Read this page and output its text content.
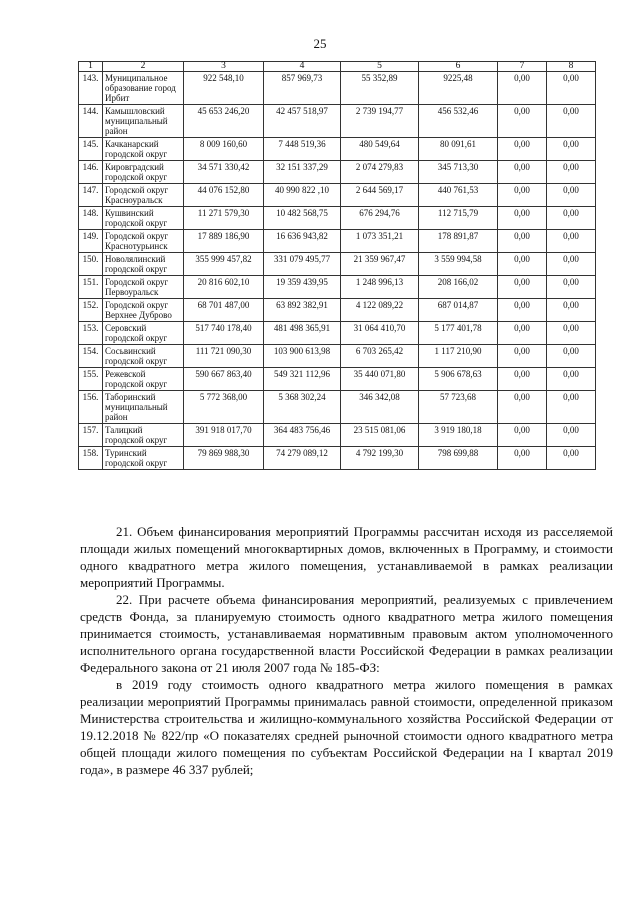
25
1	2	3	4	5	6	7	8
143.	Муниципальное образование город Ирбит	922 548,10	857 969,73	55 352,89	9225,48	0,00	0,00
144.	Камышловский муниципальный район	45 653 246,20	42 457 518,97	2 739 194,77	456 532,46	0,00	0,00
145.	Качканарский городской округ	8 009 160,60	7 448 519,36	480 549,64	80 091,61	0,00	0,00
146.	Кировградский городской округ	34 571 330,42	32 151 337,29	2 074 279,83	345 713,30	0,00	0,00
147.	Городской округ Красноуральск	44 076 152,80	40 990 822 ,10	2 644 569,17	440 761,53	0,00	0,00
148.	Кушвинский городской округ	11 271 579,30	10 482 568,75	676 294,76	112 715,79	0,00	0,00
149.	Городской округ Краснотурьинск	17 889 186,90	16 636 943,82	1 073 351,21	178 891,87	0,00	0,00
150.	Новолялинский городской округ	355 999 457,82	331 079 495,77	21 359 967,47	3 559 994,58	0,00	0,00
151.	Городской округ Первоуральск	20 816 602,10	19 359 439,95	1 248 996,13	208 166,02	0,00	0,00
152.	Городской округ Верхнее Дуброво	68 701 487,00	63 892 382,91	4 122 089,22	687 014,87	0,00	0,00
153.	Серовский городской округ	517 740 178,40	481 498 365,91	31 064 410,70	5 177 401,78	0,00	0,00
154.	Сосьвинский городской округ	111 721 090,30	103 900 613,98	6 703 265,42	1 117 210,90	0,00	0,00
155.	Режевской городской округ	590 667 863,40	549 321 112,96	35 440 071,80	5 906 678,63	0,00	0,00
156.	Таборинский муниципальный район	5 772 368,00	5 368 302,24	346 342,08	57 723,68	0,00	0,00
157.	Талицкий городской округ	391 918 017,70	364 483 756,46	23 515 081,06	3 919 180,18	0,00	0,00
158.	Туринский городской округ	79 869 988,30	74 279 089,12	4 792 199,30	798 699,88	0,00	0,00

21. Объем финансирования мероприятий Программы рассчитан исходя из расселяемой площади жилых помещений многоквартирных домов, включенных в Программу, и стоимости одного квадратного метра жилого помещения, устанавливаемой в рамках реализации мероприятий Программы.

22. При расчете объема финансирования мероприятий, реализуемых с привлечением средств Фонда, за планируемую стоимость одного квадратного метра жилого помещения принимается стоимость, устанавливаемая нормативным правовым актом уполномоченного исполнительного органа государственной власти Российской Федерации в рамках реализации Федерального закона от 21 июля 2007 года № 185-ФЗ:

в 2019 году стоимость одного квадратного метра жилого помещения в рамках реализации мероприятий Программы принималась равной стоимости, определенной приказом Министерства строительства и жилищно-коммунального хозяйства Российской Федерации от 19.12.2018 № 822/пр «О показателях средней рыночной стоимости одного квадратного метра общей площади жилого помещения по субъектам Российской Федерации на I квартал 2019 года», в размере 46 337 рублей;
